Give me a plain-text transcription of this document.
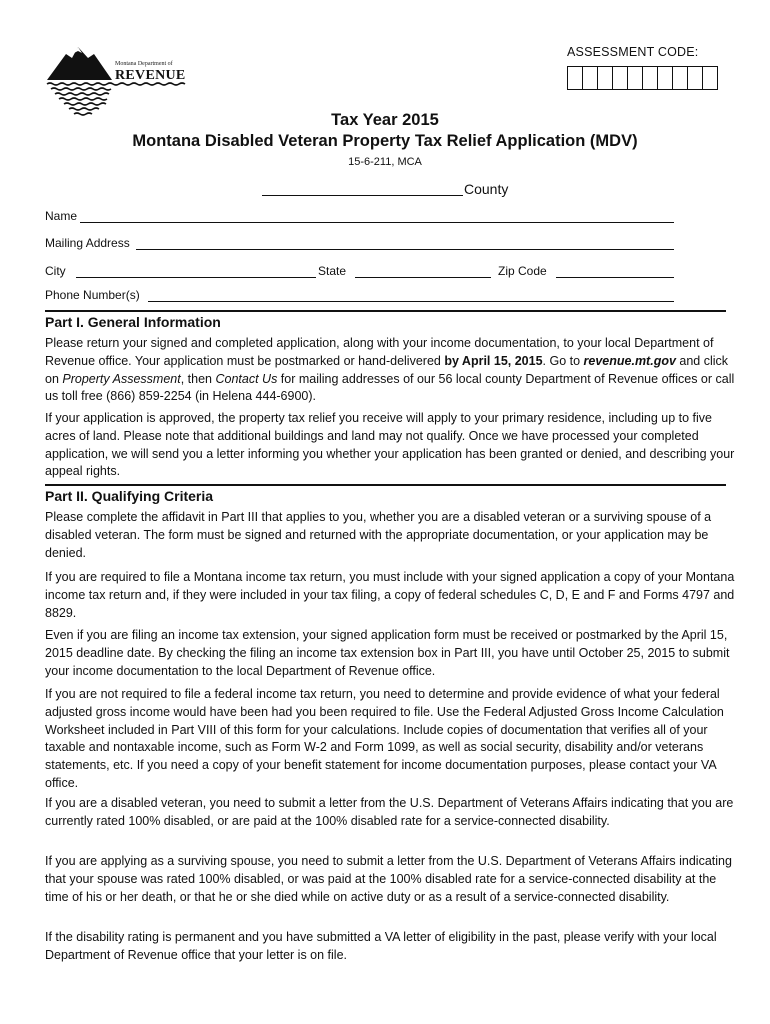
Montana Department of
REVENUE
ASSESSMENT CODE:
Tax Year 2015
Montana Disabled Veteran Property Tax Relief Application (MDV)
15-6-211, MCA
County
Name
Mailing Address
City	State	Zip Code
Phone Number(s)
Part I. General Information

Please return your signed and completed application, along with your income documentation, to your local Department of Revenue office. Your application must be postmarked or hand-delivered by April 15, 2015. Go to revenue.mt.gov and click on Property Assessment, then Contact Us for mailing addresses of our 56 local county Department of Revenue offices or call us toll free (866) 859-2254 (in Helena 444-6900).

If your application is approved, the property tax relief you receive will apply to your primary residence, including up to five acres of land. Please note that additional buildings and land may not qualify. Once we have processed your completed application, we will send you a letter informing you whether your application has been granted or denied, and describing your appeal rights.

Part II. Qualifying Criteria

Please complete the affidavit in Part III that applies to you, whether you are a disabled veteran or a surviving spouse of a disabled veteran. The form must be signed and returned with the appropriate documentation, or your application may be denied.

If you are required to file a Montana income tax return, you must include with your signed application a copy of your Montana income tax return and, if they were included in your tax filing, a copy of federal schedules C, D, E and F and Forms 4797 and 8829.

Even if you are filing an income tax extension, your signed application form must be received or postmarked by the April 15, 2015 deadline date. By checking the filing an income tax extension box in Part III, you have until October 25, 2015 to submit your income documentation to the local Department of Revenue office.

If you are not required to file a federal income tax return, you need to determine and provide evidence of what your federal adjusted gross income would have been had you been required to file. Use the Federal Adjusted Gross Income Calculation Worksheet included in Part VIII of this form for your calculations. Include copies of documentation that verifies all of your taxable and nontaxable income, such as Form W-2 and Form 1099, as well as social security, disability and/or veterans statements, etc. If you need a copy of your benefit statement for income documentation purposes, please contact your VA office.

If you are a disabled veteran, you need to submit a letter from the U.S. Department of Veterans Affairs indicating that you are currently rated 100% disabled, or are paid at the 100% disabled rate for a service-connected disability.

If you are applying as a surviving spouse, you need to submit a letter from the U.S. Department of Veterans Affairs indicating that your spouse was rated 100% disabled, or was paid at the 100% disabled rate for a service-connected disability at the time of his or her death, or that he or she died while on active duty or as a result of a service-connected disability.

If the disability rating is permanent and you have submitted a VA letter of eligibility in the past, please verify with your local Department of Revenue office that your letter is on file.
